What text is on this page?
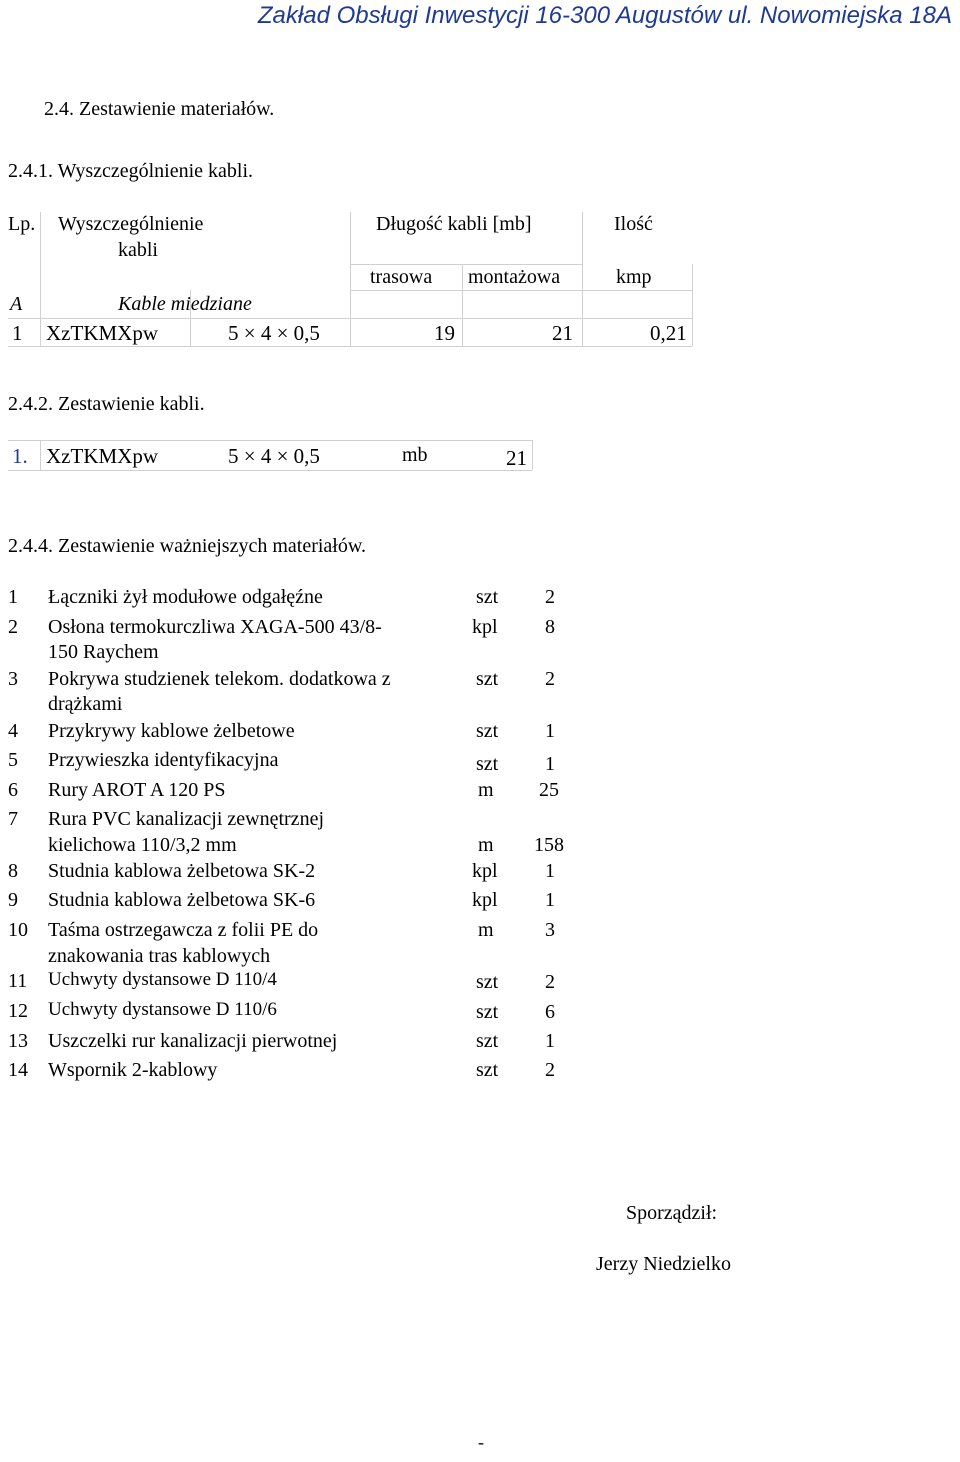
Zakład Obsługi Inwestycji 16-300 Augustów ul. Nowomiejska 18A
2.4. Zestawienie materiałów.
2.4.1. Wyszczególnienie kabli.
Lp. Wyszczególnienie
kabli
Długość kabli [mb]	Ilość
trasowa montażowa	kmp
A	Kable miedziane
1 XzTKMXpw	5 × 4 × 0,5	19	21	0,21
2.4.2. Zestawienie kabli.
1. XzTKMXpw	5 × 4 × 0,5	mb	21
2.4.4. Zestawienie ważniejszych materiałów.
1 Łączniki żył modułowe odgałęźne	szt 2
2 Osłona termokurczliwa XAGA-500 43/8-
150 Raychem
kpl 8
3 Pokrywa studzienek telekom. dodatkowa z
drążkami
szt 2
4 Przykrywy kablowe żelbetowe	szt 1
5 Przywieszka identyfikacyjna	szt 1
6 Rury AROT A 120 PS	m 25
7 Rura PVC kanalizacji zewnętrznej
kielichowa 110/3,2 mm	m 158
8 Studnia kablowa żelbetowa SK-2	kpl 1
9 Studnia kablowa żelbetowa SK-6	kpl 1
10 Taśma ostrzegawcza z folii PE do
znakowania tras kablowych
m	3
11 Uchwyty dystansowe D 110/4	szt 2
12 Uchwyty dystansowe D 110/6	szt 6
13 Uszczelki rur kanalizacji pierwotnej	szt 1
14 Wspornik 2-kablowy	szt 2
Sporządził:
Jerzy Niedzielko
-
